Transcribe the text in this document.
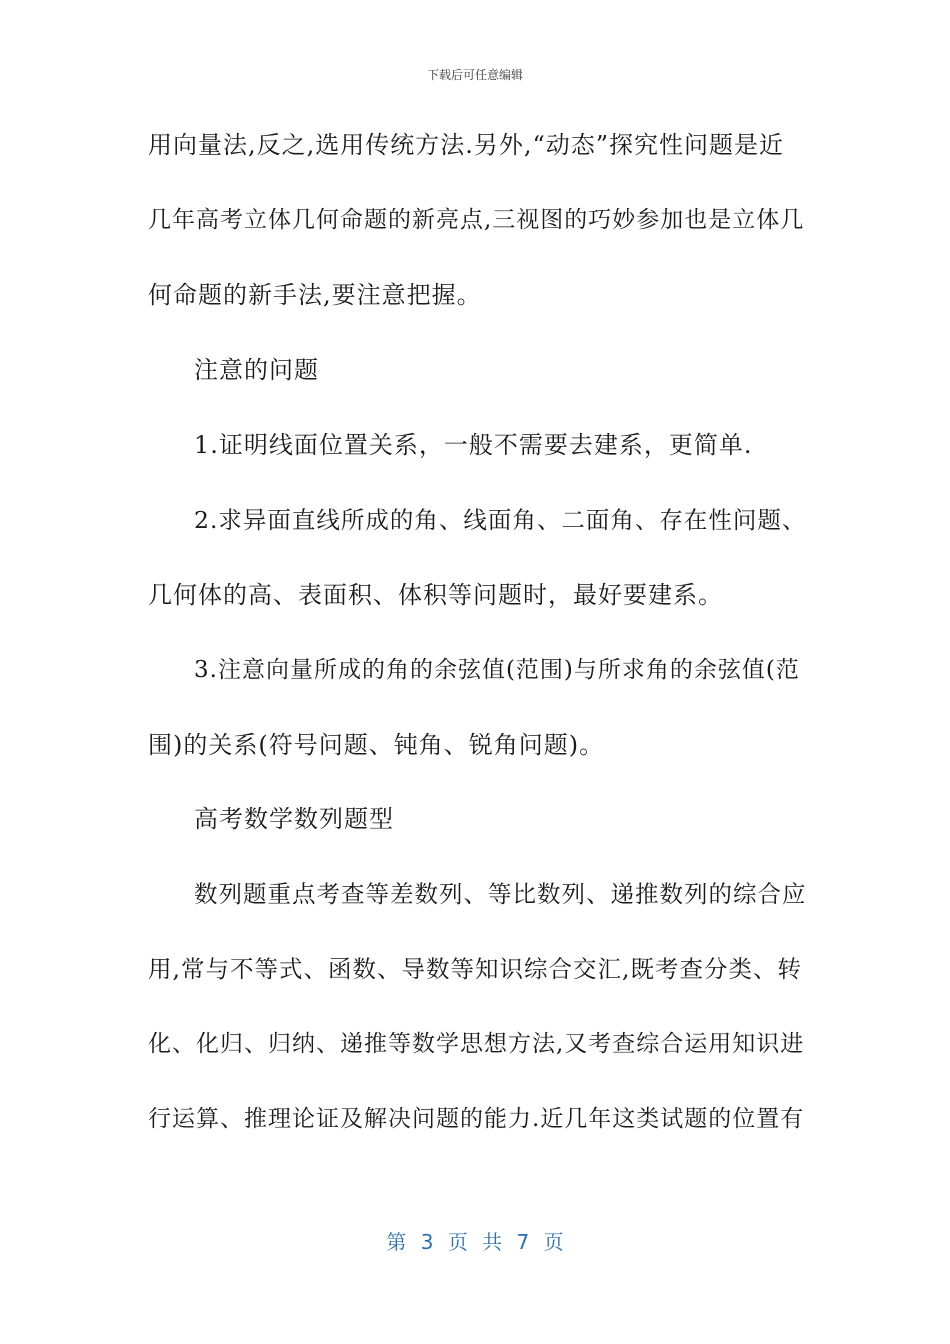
下载后可任意编辑
用向量法,反之,选用传统方法.另外,“动态”探究性问题是近
几年高考立体几何命题的新亮点,三视图的巧妙参加也是立体几
何命题的新手法,要注意把握。
注意的问题
1.证明线面位置关系，一般不需要去建系，更简单.
2.求异面直线所成的角、线面角、二面角、存在性问题、
几何体的高、表面积、体积等问题时，最好要建系。
3.注意向量所成的角的余弦值(范围)与所求角的余弦值(范
围)的关系(符号问题、钝角、锐角问题)。
高考数学数列题型
数列题重点考查等差数列、等比数列、递推数列的综合应
用,常与不等式、函数、导数等知识综合交汇,既考查分类、转
化、化归、归纳、递推等数学思想方法,又考查综合运用知识进
行运算、推理论证及解决问题的能力.近几年这类试题的位置有
第 3 页 共 7 页
